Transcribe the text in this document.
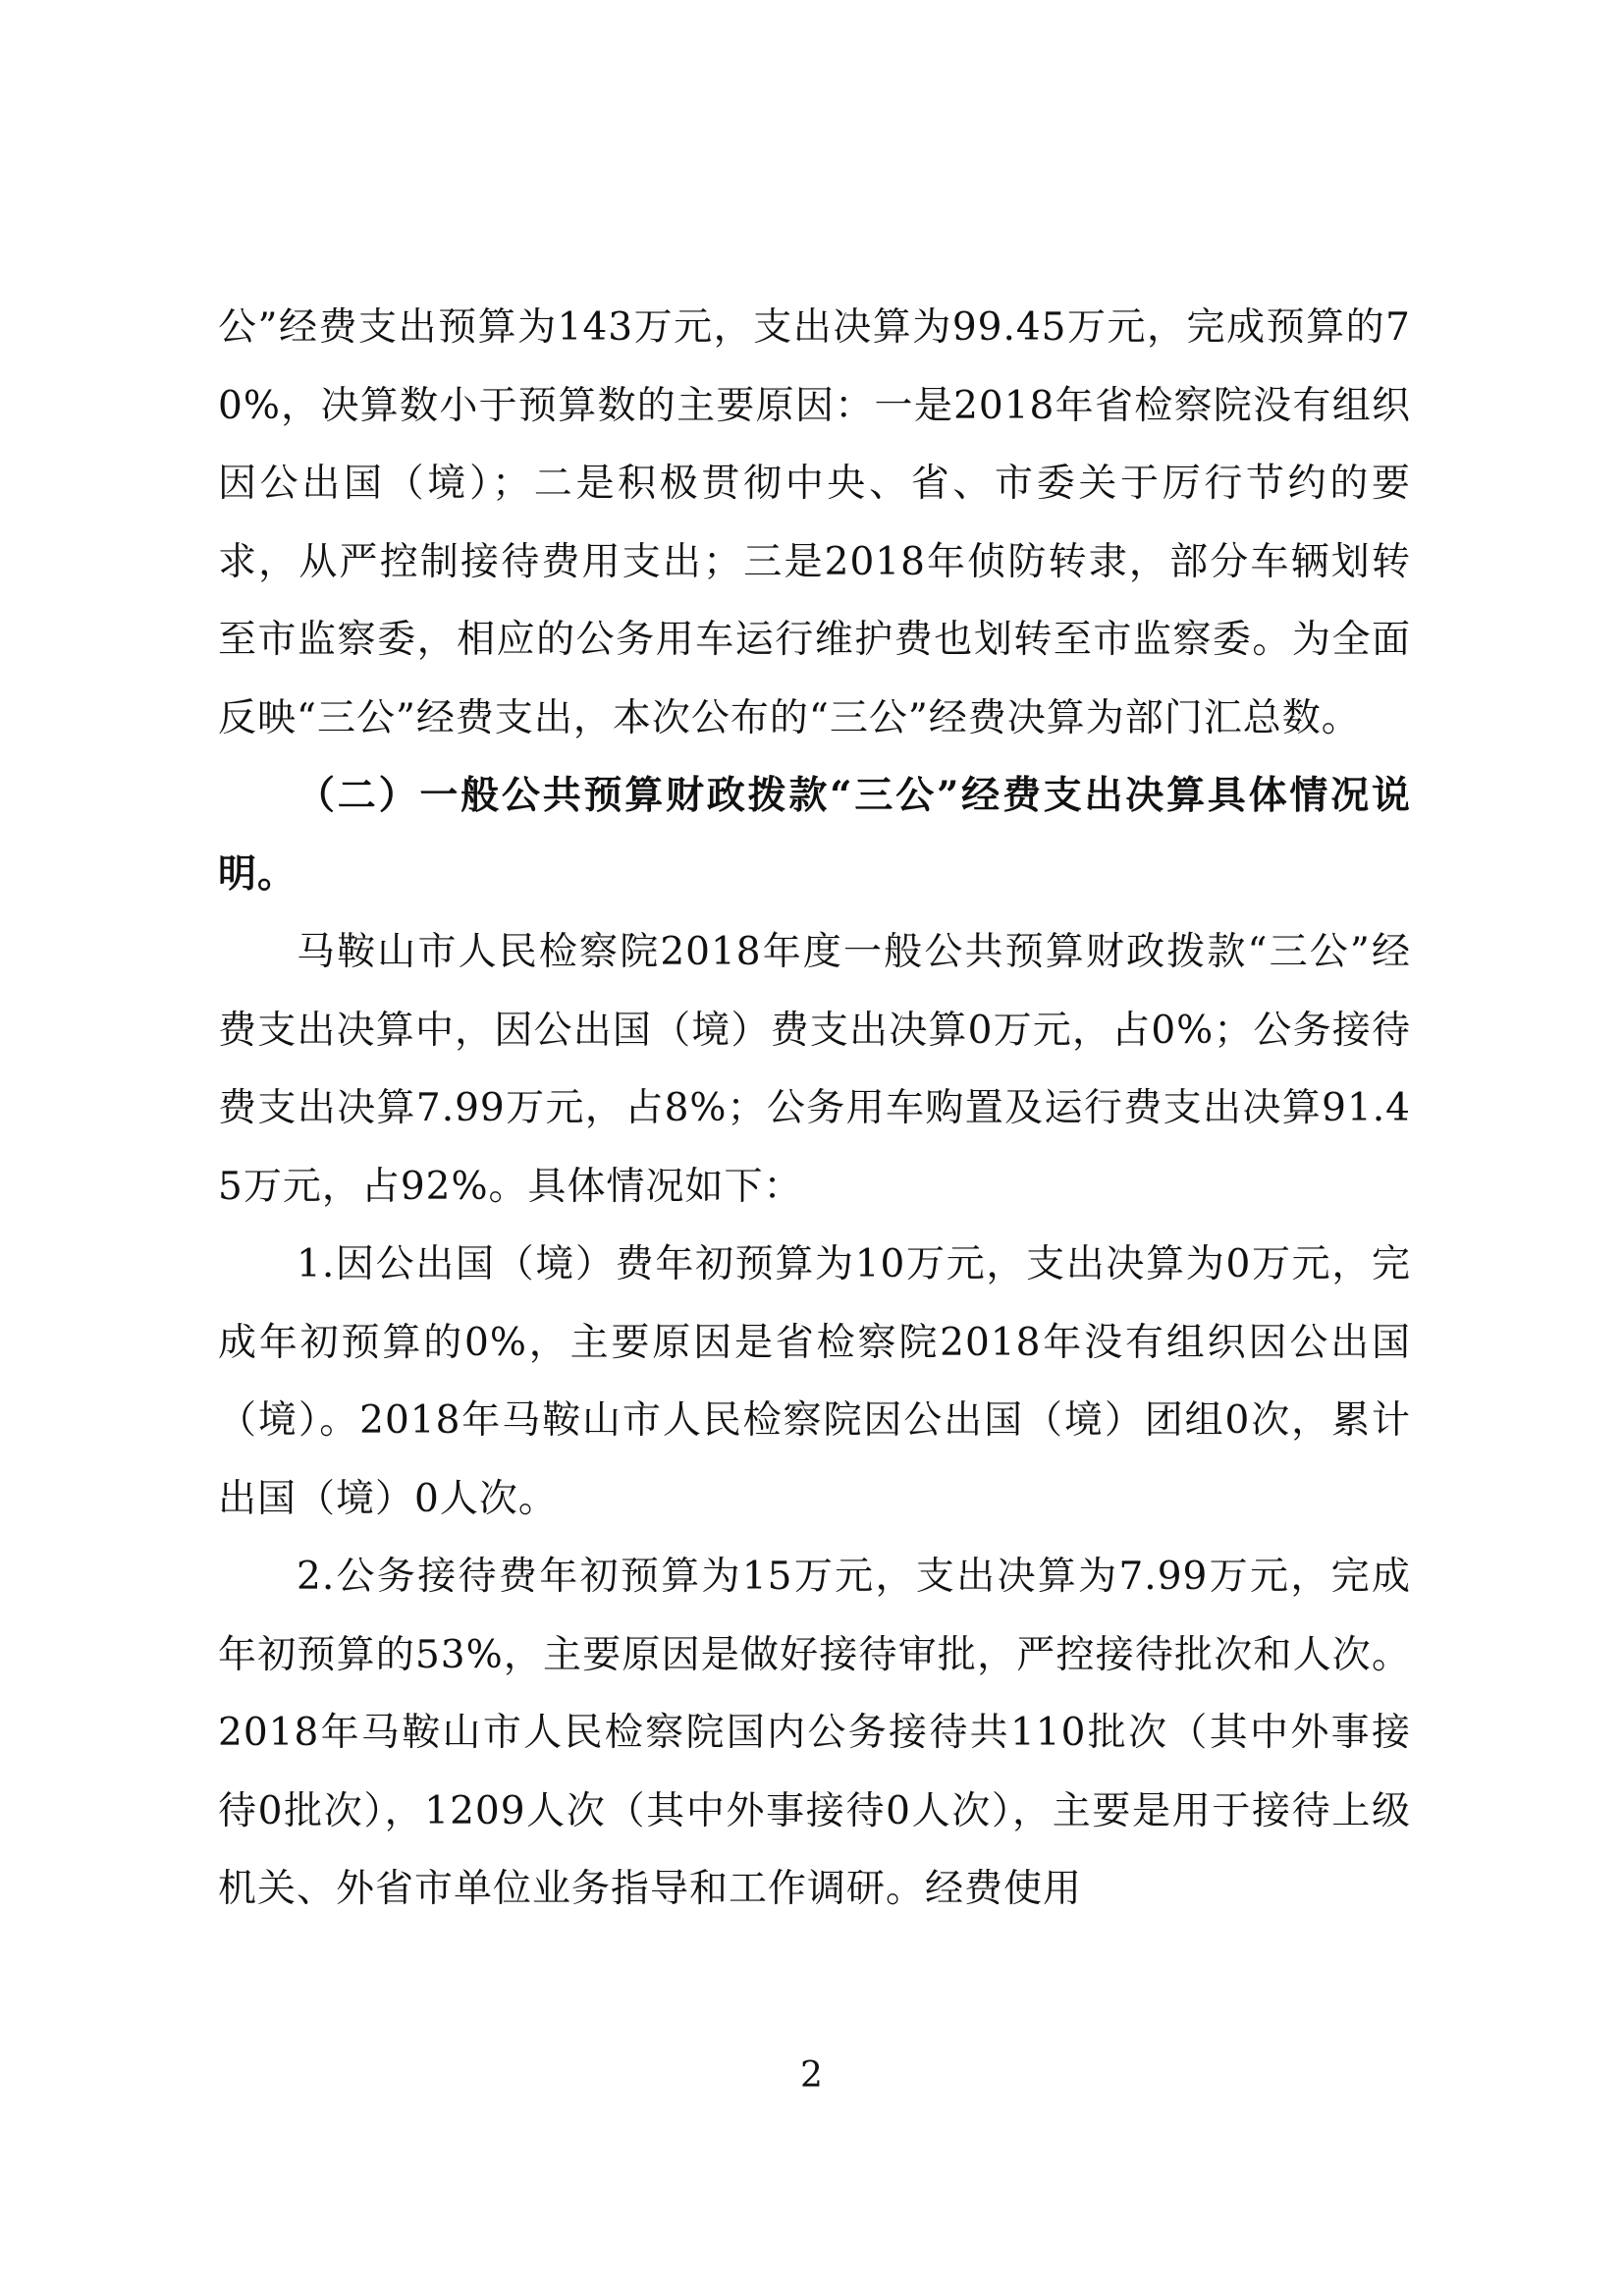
公”经费支出预算为143万元，支出决算为99.45万元，完成预算的70%，决算数小于预算数的主要原因：一是2018年省检察院没有组织因公出国（境）；二是积极贯彻中央、省、市委关于厉行节约的要求，从严控制接待费用支出；三是2018年侦防转隶，部分车辆划转至市监察委，相应的公务用车运行维护费也划转至市监察委。为全面反映“三公”经费支出，本次公布的“三公”经费决算为部门汇总数。

（二）一般公共预算财政拨款“三公”经费支出决算具体情况说明。

马鞍山市人民检察院2018年度一般公共预算财政拨款“三公”经费支出决算中，因公出国（境）费支出决算0万元，占0%；公务接待费支出决算7.99万元，占8%；公务用车购置及运行费支出决算91.45万元，占92%。具体情况如下：

1.因公出国（境）费年初预算为10万元，支出决算为0万元，完成年初预算的0%，主要原因是省检察院2018年没有组织因公出国（境）。2018年马鞍山市人民检察院因公出国（境）团组0次，累计出国（境）0人次。

2.公务接待费年初预算为15万元，支出决算为7.99万元，完成年初预算的53%，主要原因是做好接待审批，严控接待批次和人次。2018年马鞍山市人民检察院国内公务接待共110批次（其中外事接待0批次），1209人次（其中外事接待0人次），主要是用于接待上级机关、外省市单位业务指导和工作调研。经费使用

2
